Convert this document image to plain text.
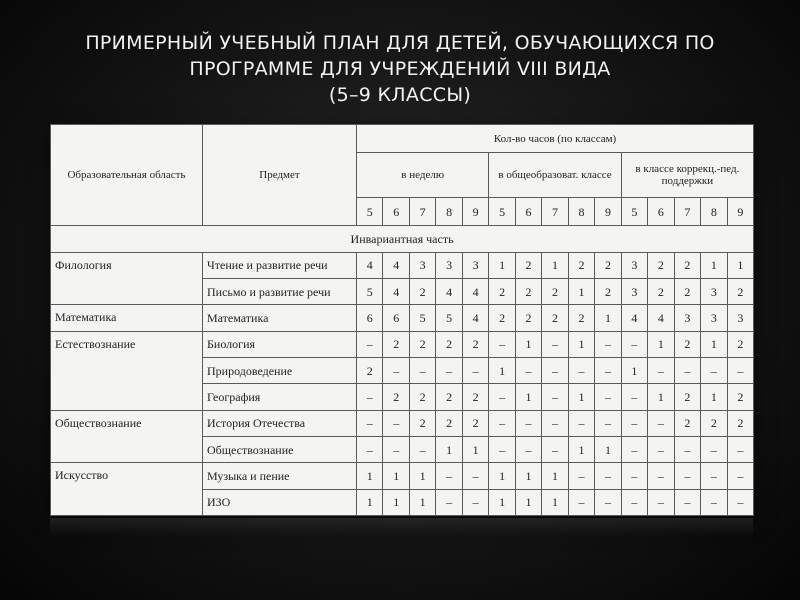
ПРИМЕРНЫЙ УЧЕБНЫЙ ПЛАН ДЛЯ ДЕТЕЙ, ОБУЧАЮЩИХСЯ ПО
ПРОГРАММЕ ДЛЯ УЧРЕЖДЕНИЙ VIII ВИДА
(5–9 КЛАССЫ)
Образовательная область	Предмет	Кол-во часов (по классам)														
		в неделю					в общеобразоват. классе					в классе коррекц.-пед. поддержки				
		5	6	7	8	9	5	6	7	8	9	5	6	7	8	9
Инвариантная часть																
Филология	Чтение и развитие речи	4	4	3	3	3	1	2	1	2	2	3	2	2	1	1
	Письмо и развитие речи	5	4	2	4	4	2	2	2	1	2	3	2	2	3	2
Математика	Математика	6	6	5	5	4	2	2	2	2	1	4	4	3	3	3
Естествознание	Биология	–	2	2	2	2	–	1	–	1	–	–	1	2	1	2
	Природоведение	2	–	–	–	–	1	–	–	–	–	1	–	–	–	–
	География	–	2	2	2	2	–	1	–	1	–	–	1	2	1	2
Обществознание	История Отечества	–	–	2	2	2	–	–	–	–	–	–	–	2	2	2
	Обществознание	–	–	–	1	1	–	–	–	1	1	–	–	–	–	–
Искусство	Музыка и пение	1	1	1	–	–	1	1	1	–	–	–	–	–	–	–
	ИЗО	1	1	1	–	–	1	1	1	–	–	–	–	–	–	–
